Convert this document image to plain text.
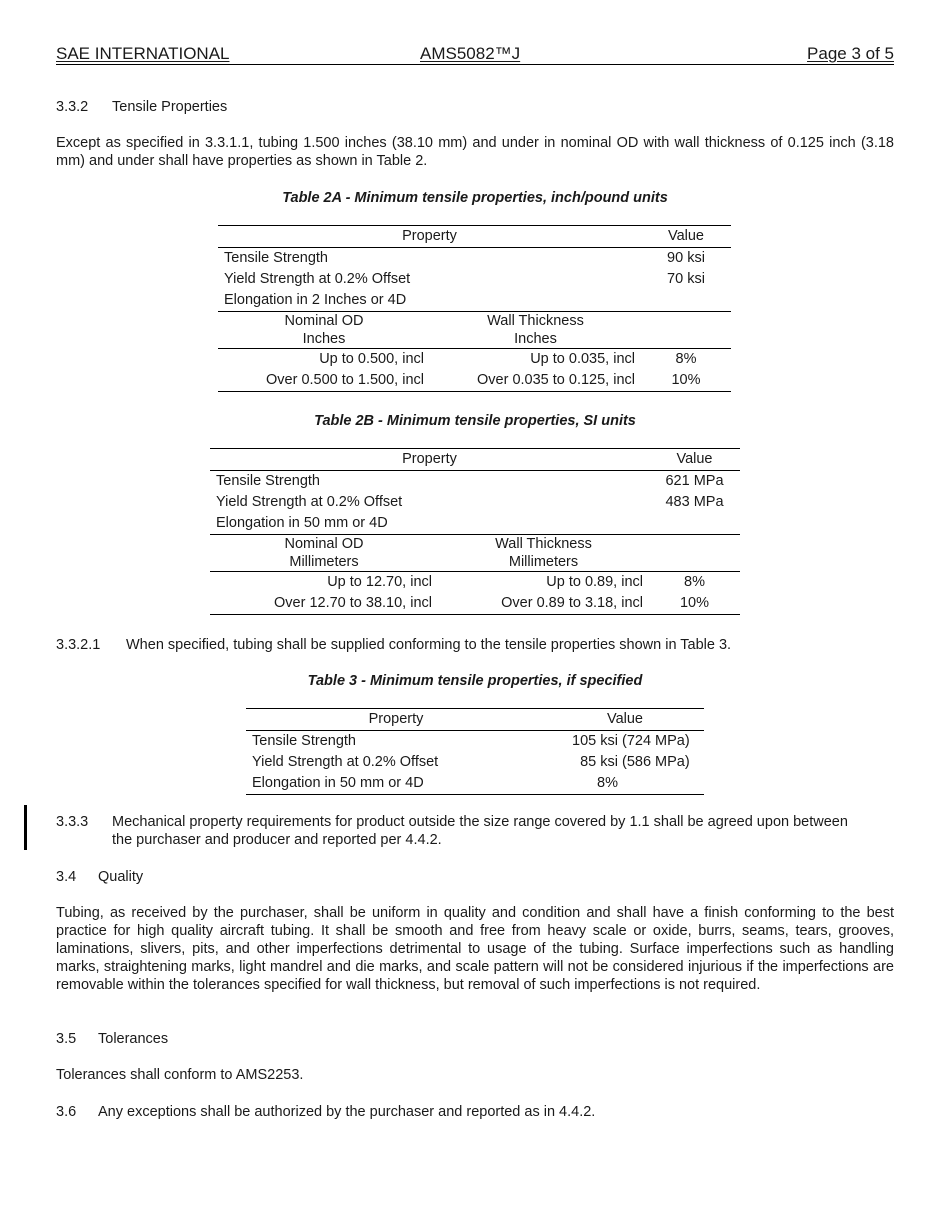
SAE INTERNATIONAL	AMS5082™J	Page 3 of 5
3.3.2 Tensile Properties
Except as specified in 3.3.1.1, tubing 1.500 inches (38.10 mm) and under in nominal OD with wall thickness of 0.125 inch (3.18 mm) and under shall have properties as shown in Table 2.
Table 2A - Minimum tensile properties, inch/pound units
Property		Value
Tensile Strength		90 ksi
Yield Strength at 0.2% Offset		70 ksi
Elongation in 2 Inches or 4D		
Nominal OD	Wall Thickness	
Inches	Inches	
Up to 0.500, incl	Up to 0.035, incl	8%
Over 0.500 to 1.500, incl	Over 0.035 to 0.125, incl	10%
Table 2B - Minimum tensile properties, SI units
Property		Value
Tensile Strength		621 MPa
Yield Strength at 0.2% Offset		483 MPa
Elongation in 50 mm or 4D		
Nominal OD	Wall Thickness	
Millimeters	Millimeters	
Up to 12.70, incl	Up to 0.89, incl	8%
Over 12.70 to 38.10, incl	Over 0.89 to 3.18, incl	10%
3.3.2.1 When specified, tubing shall be supplied conforming to the tensile properties shown in Table 3.
Table 3 - Minimum tensile properties, if specified
Property	Value	
Tensile Strength	105 ksi	(724 MPa)
Yield Strength at 0.2% Offset	85 ksi	(586 MPa)
Elongation in 50 mm or 4D	8%	
3.3.3 Mechanical property requirements for product outside the size range covered by 1.1 shall be agreed upon between
the purchaser and producer and reported per 4.4.2.
3.4 Quality
Tubing, as received by the purchaser, shall be uniform in quality and condition and shall have a finish conforming to the best practice for high quality aircraft tubing. It shall be smooth and free from heavy scale or oxide, burrs, seams, tears, grooves, laminations, slivers, pits, and other imperfections detrimental to usage of the tubing. Surface imperfections such as handling marks, straightening marks, light mandrel and die marks, and scale pattern will not be considered injurious if the imperfections are removable within the tolerances specified for wall thickness, but removal of such imperfections is not required.
3.5 Tolerances
Tolerances shall conform to AMS2253.
3.6 Any exceptions shall be authorized by the purchaser and reported as in 4.4.2.
